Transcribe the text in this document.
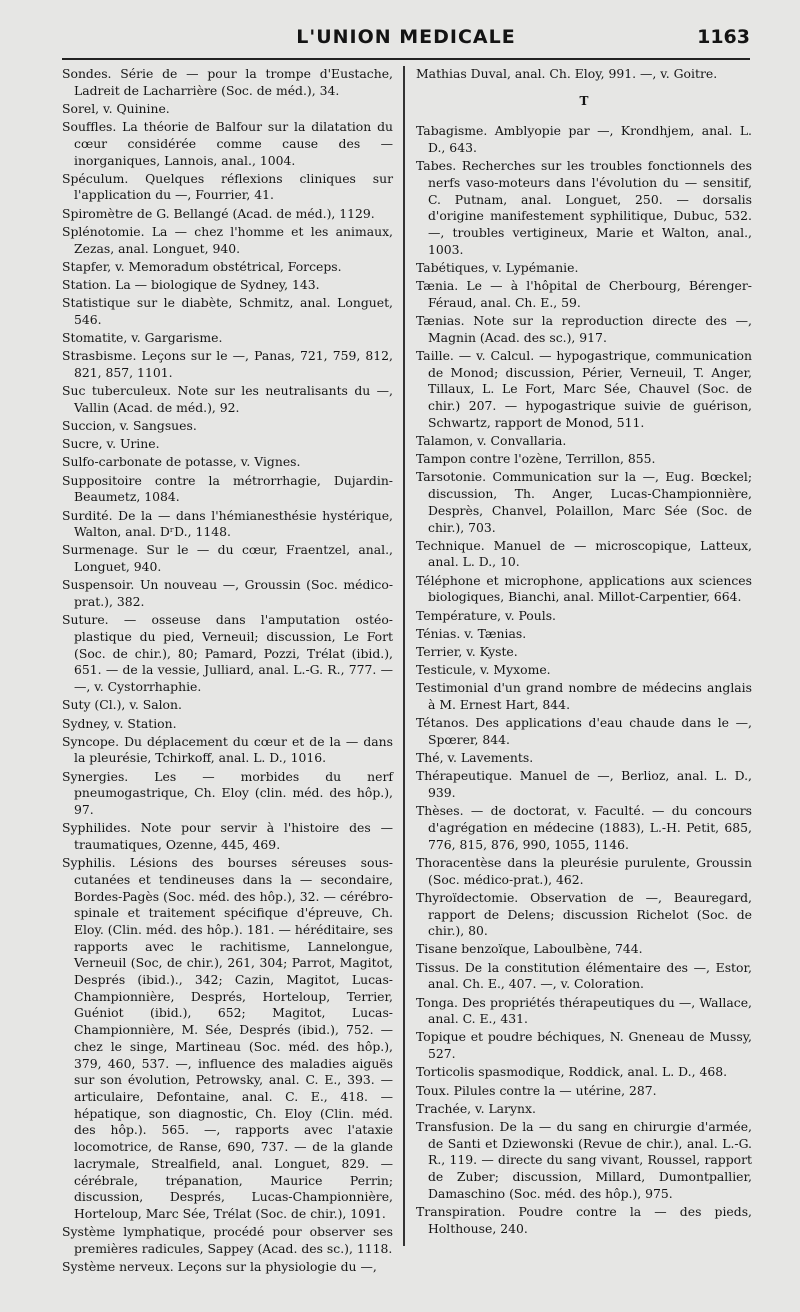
L'UNION MEDICALE	1163

Sondes. Série de — pour la trompe d'Eustache, Ladreit de Lacharrière (Soc. de méd.), 34.

Sorel, v. Quinine.

Souffles. La théorie de Balfour sur la dilatation du cœur considérée comme cause des — inorganiques, Lannois, anal., 1004.

Spéculum. Quelques réflexions cliniques sur l'application du —, Fourrier, 41.

Spiromètre de G. Bellangé (Acad. de méd.), 1129.

Splénotomie. La — chez l'homme et les animaux, Zezas, anal. Longuet, 940.

Stapfer, v. Memoradum obstétrical, Forceps.

Station. La — biologique de Sydney, 143.

Statistique sur le diabète, Schmitz, anal. Longuet, 546.

Stomatite, v. Gargarisme.

Strasbisme. Leçons sur le —, Panas, 721, 759, 812, 821, 857, 1101.

Suc tuberculeux. Note sur les neutralisants du —, Vallin (Acad. de méd.), 92.

Succion, v. Sangsues.

Sucre, v. Urine.

Sulfo-carbonate de potasse, v. Vignes.

Suppositoire contre la métrorrhagie, Dujardin-Beaumetz, 1084.

Surdité. De la — dans l'hémianesthésie hystérique, Walton, anal. DʳD., 1148.

Surmenage. Sur le — du cœur, Fraentzel, anal., Longuet, 940.

Suspensoir. Un nouveau —, Groussin (Soc. médico-prat.), 382.

Suture. — osseuse dans l'amputation ostéo-plastique du pied, Verneuil; discussion, Le Fort (Soc. de chir.), 80; Pamard, Pozzi, Trélat (ibid.), 651. — de la vessie, Julliard, anal. L.-G. R., 777. — —, v. Cystorrhaphie.

Suty (Cl.), v. Salon.

Sydney, v. Station.

Syncope. Du déplacement du cœur et de la — dans la pleurésie, Tchirkoff, anal. L. D., 1016.

Synergies. Les — morbides du nerf pneumogastrique, Ch. Eloy (clin. méd. des hôp.), 97.

Syphilides. Note pour servir à l'histoire des — traumatiques, Ozenne, 445, 469.

Syphilis. Lésions des bourses séreuses sous-cutanées et tendineuses dans la — secondaire, Bordes-Pagès (Soc. méd. des hôp.), 32. — cérébro-spinale et traitement spécifique d'épreuve, Ch. Eloy. (Clin. méd. des hôp.). 181. — héréditaire, ses rapports avec le rachitisme, Lannelongue, Verneuil (Soc, de chir.), 261, 304; Parrot, Magitot, Després (ibid.)., 342; Cazin, Magitot, Lucas-Championnière, Després, Horteloup, Terrier, Guéniot (ibid.), 652; Magitot, Lucas-Championnière, M. Sée, Després (ibid.), 752. — chez le singe, Martineau (Soc. méd. des hôp.), 379, 460, 537. —, influence des maladies aiguës sur son évolution, Petrowsky, anal. C. E., 393. — articulaire, Defontaine, anal. C. E., 418. — hépatique, son diagnostic, Ch. Eloy (Clin. méd. des hôp.). 565. —, rapports avec l'ataxie locomotrice, de Ranse, 690, 737. — de la glande lacrymale, Strealfield, anal. Longuet, 829. — cérébrale, trépanation, Maurice Perrin; discussion, Després, Lucas-Championnière, Horteloup, Marc Sée, Trélat (Soc. de chir.), 1091.

Système lymphatique, procédé pour observer ses premières radicules, Sappey (Acad. des sc.), 1118.

Système nerveux. Leçons sur la physiologie du —,

Mathias Duval, anal. Ch. Eloy, 991. —, v. Goitre.

T

Tabagisme. Amblyopie par —, Krondhjem, anal. L. D., 643.

Tabes. Recherches sur les troubles fonctionnels des nerfs vaso-moteurs dans l'évolution du — sensitif, C. Putnam, anal. Longuet, 250. — dorsalis d'origine manifestement syphilitique, Dubuc, 532. —, troubles vertigineux, Marie et Walton, anal., 1003.

Tabétiques, v. Lypémanie.

Tænia. Le — à l'hôpital de Cherbourg, Bérenger-Féraud, anal. Ch. E., 59.

Tænias. Note sur la reproduction directe des —, Magnin (Acad. des sc.), 917.

Taille. — v. Calcul. — hypogastrique, communication de Monod; discussion, Périer, Verneuil, T. Anger, Tillaux, L. Le Fort, Marc Sée, Chauvel (Soc. de chir.) 207. — hypogastrique suivie de guérison, Schwartz, rapport de Monod, 511.

Talamon, v. Convallaria.

Tampon contre l'ozène, Terrillon, 855.

Tarsotonie. Communication sur la —, Eug. Bœckel; discussion, Th. Anger, Lucas-Championnière, Desprès, Chanvel, Polaillon, Marc Sée (Soc. de chir.), 703.

Technique. Manuel de — microscopique, Latteux, anal. L. D., 10.

Téléphone et microphone, applications aux sciences biologiques, Bianchi, anal. Millot-Carpentier, 664.

Température, v. Pouls.

Ténias. v. Tænias.

Terrier, v. Kyste.

Testicule, v. Myxome.

Testimonial d'un grand nombre de médecins anglais à M. Ernest Hart, 844.

Tétanos. Des applications d'eau chaude dans le —, Spœrer, 844.

Thé, v. Lavements.

Thérapeutique. Manuel de —, Berlioz, anal. L. D., 939.

Thèses. — de doctorat, v. Faculté. — du concours d'agrégation en médecine (1883), L.-H. Petit, 685, 776, 815, 876, 990, 1055, 1146.

Thoracentèse dans la pleurésie purulente, Groussin (Soc. médico-prat.), 462.

Thyroïdectomie. Observation de —, Beauregard, rapport de Delens; discussion Richelot (Soc. de chir.), 80.

Tisane benzoïque, Laboulbène, 744.

Tissus. De la constitution élémentaire des —, Estor, anal. Ch. E., 407. —, v. Coloration.

Tonga. Des propriétés thérapeutiques du —, Wallace, anal. C. E., 431.

Topique et poudre béchiques, N. Gneneau de Mussy, 527.

Torticolis spasmodique, Roddick, anal. L. D., 468.

Toux. Pilules contre la — utérine, 287.

Trachée, v. Larynx.

Transfusion. De la — du sang en chirurgie d'armée, de Santi et Dziewonski (Revue de chir.), anal. L.-G. R., 119. — directe du sang vivant, Roussel, rapport de Zuber; discussion, Millard, Dumontpallier, Damaschino (Soc. méd. des hôp.), 975.

Transpiration. Poudre contre la — des pieds, Holthouse, 240.
